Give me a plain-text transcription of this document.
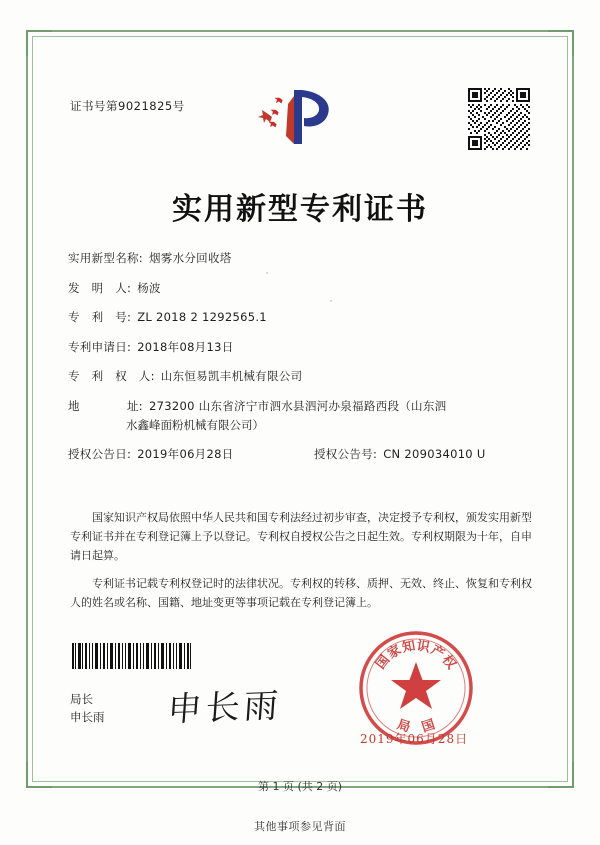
证书号第9021825号
实用新型专利证书
实用新型名称: 烟雾水分回收塔
发　明　人: 杨波
专　利　号: ZL 2018 2 1292565.1
专利申请日: 2018年08月13日
专　利　权　人: 山东恒易凯丰机械有限公司
地　　　　址: 273200 山东省济宁市泗水县泗河办泉福路西段（山东泗
水鑫峰面粉机械有限公司）
授权公告日: 2019年06月28日	授权公告号: CN 209034010 U

国家知识产权局依照中华人民共和国专利法经过初步审查，决定授予专利权，颁发实用新型专利证书并在专利登记簿上予以登记。专利权自授权公告之日起生效。专利权期限为十年，自申请日起算。

专利证书记载专利权登记时的法律状况。专利权的转移、质押、无效、终止、恢复和专利权人的姓名或名称、国籍、地址变更等事项记载在专利登记簿上。

局长
申长雨 申长雨
国
家
知
识
产
权
局 国
2019年06月28日
第 1 页 (共 2 页)
其他事项参见背面
